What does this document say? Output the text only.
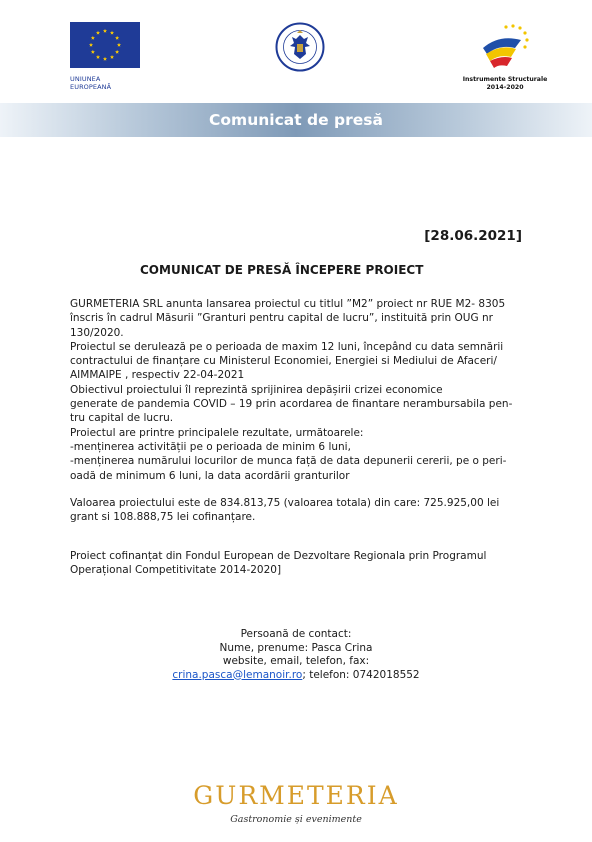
UNIUNEA EUROPEANĂ
Instrumente Structurale
2014-2020
Comunicat de presă
[28.06.2021]
COMUNICAT DE PRESĂ ÎNCEPERE PROIECT
GURMETERIA SRL anunta lansarea proiectul cu titlul ”M2” proiect nr RUE M2- 8305
înscris în cadrul Măsurii ”Granturi pentru capital de lucru”, instituită prin OUG nr
130/2020.
Proiectul se derulează pe o perioada de maxim 12 luni, începând cu data semnării
contractului de finanțare cu Ministerul Economiei, Energiei si Mediului de Afaceri/
AIMMAIPE , respectiv 22-04-2021
Obiectivul proiectului îl reprezintă sprijinirea depășirii crizei economice
generate de pandemia COVID – 19 prin acordarea de finantare nerambursabila pen-
tru capital de lucru.
Proiectul are printre principalele rezultate, următoarele:
-menținerea activității pe o perioada de minim 6 luni,
-menținerea numărului locurilor de munca față de data depunerii cererii, pe o peri-
oadă de minimum 6 luni, la data acordării granturilor
Valoarea proiectului este de 834.813,75 (valoarea totala) din care: 725.925,00 lei
grant si 108.888,75 lei cofinanțare.
Proiect cofinanțat din Fondul European de Dezvoltare Regionala prin Programul
Operațional Competitivitate 2014-2020]
Persoană de contact:
Nume, prenume: Pasca Crina
website, email, telefon, fax:
crina.pasca@lemanoir.ro; telefon: 0742018552
GURMETERIA
Gastronomie și evenimente
